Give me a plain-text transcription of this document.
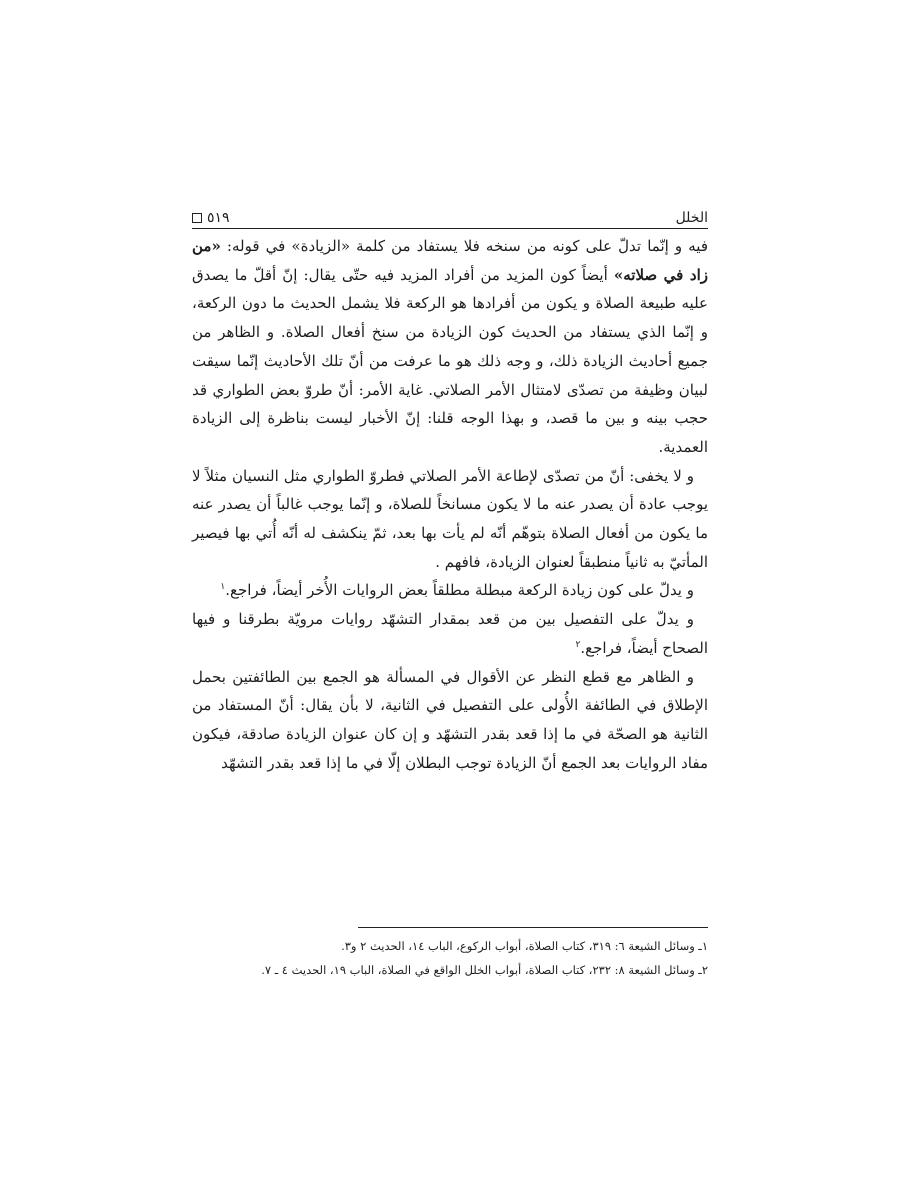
٥١٩	الخلل

فيه و إنّما تدلّ على كونه من سنخه فلا يستفاد من كلمة «الزيادة» في قوله: «من زاد في صلاته» أيضاً كون المزيد من أفراد المزيد فيه حتّى يقال: إنّ أقلّ ما يصدق عليه طبيعة الصلاة و يكون من أفرادها هو الركعة فلا يشمل الحديث ما دون الركعة، و إنّما الذي يستفاد من الحديث كون الزيادة من سنخ أفعال الصلاة. و الظاهر من جميع أحاديث الزيادة ذلك، و وجه ذلك هو ما عرفت من أنّ تلك الأحاديث إنّما سيقت لبيان وظيفة من تصدّى لامتثال الأمر الصلاتي. غاية الأمر: أنّ طروّ بعض الطواري قد حجب بينه و بين ما قصد، و بهذا الوجه قلنا: إنّ الأخبار ليست بناظرة إلى الزيادة العمدية.

و لا يخفى: أنّ من تصدّى لإطاعة الأمر الصلاتي فطروّ الطواري مثل النسيان مثلاً لا يوجب عادة أن يصدر عنه ما لا يكون مسانخاً للصلاة، و إنّما يوجب غالباً أن يصدر عنه ما يكون من أفعال الصلاة بتوهّم أنّه لم يأت بها بعد، ثمّ ينكشف له أنّه أُتي بها فيصير المأتيّ به ثانياً منطبقاً لعنوان الزيادة، فافهم .

و يدلّ على كون زيادة الركعة مبطلة مطلقاً بعض الروايات الأُخر أيضاً، فراجع.$^١$

و يدلّ على التفصيل بين من قعد بمقدار التشهّد روايات مرويّة بطرقنا و فيها الصحاح أيضاً، فراجع.$^٢$

و الظاهر مع قطع النظر عن الأقوال في المسألة هو الجمع بين الطائفتين بحمل الإطلاق في الطائفة الأُولى على التفصيل في الثانية، لا بأن يقال: أنّ المستفاد من الثانية هو الصحّة في ما إذا قعد بقدر التشهّد و إن كان عنوان الزيادة صادقة، فيكون مفاد الروايات بعد الجمع أنّ الزيادة توجب البطلان إلّا في ما إذا قعد بقدر التشهّد

١ـ وسائل الشيعة ٦: ٣١٩، كتاب الصلاة، أبواب الركوع، الباب ١٤، الحديث ٢ و٣.

٢ـ وسائل الشيعة ٨: ٢٣٢، كتاب الصلاة، أبواب الخلل الواقع في الصلاة، الباب ١٩، الحديث ٤ ـ ٧.
